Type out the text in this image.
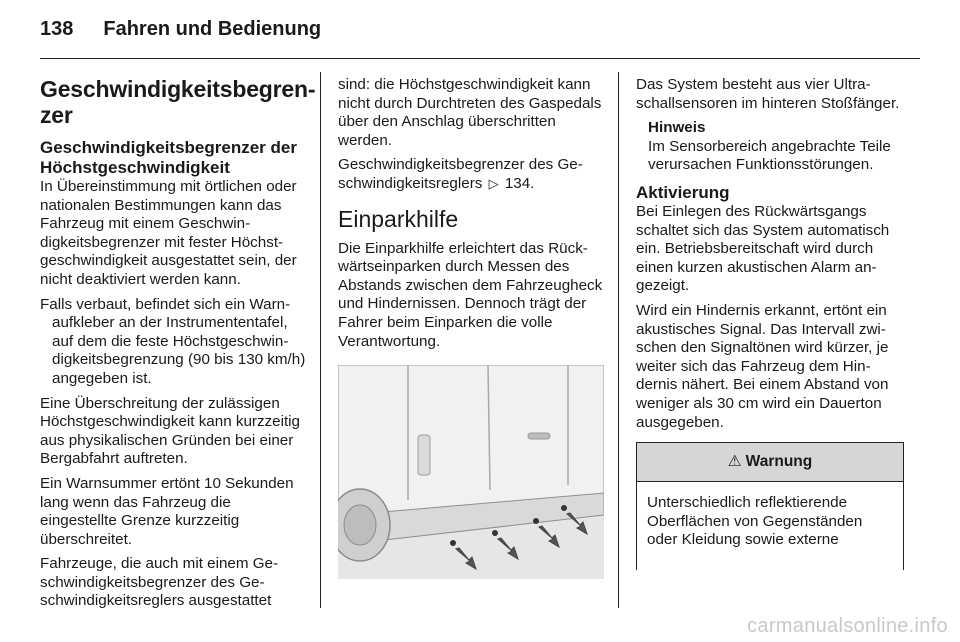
138 Fahren und Bedienung
Geschwindigkeitsbegren-
zer
Geschwindigkeitsbegrenzer der
Höchstgeschwindigkeit

In Übereinstimmung mit örtlichen oder nationalen Bestimmungen kann das Fahrzeug mit einem Geschwindigkeitsbegrenzer mit fester Höchstgeschwindigkeit ausgestattet sein, der nicht deaktiviert werden kann.

Falls verbaut, befindet sich ein Warnaufkleber an der Instrumententafel, auf dem die feste Höchstgeschwindigkeitsbegrenzung (90 bis 130 km/h) angegeben ist.

Eine Überschreitung der zulässigen Höchstgeschwindigkeit kann kurzzeitig aus physikalischen Gründen bei einer Bergabfahrt auftreten.

Ein Warnsummer ertönt 10 Sekunden lang wenn das Fahrzeug die eingestellte Grenze kurzzeitig überschreitet.

Fahrzeuge, die auch mit einem Geschwindigkeitsbegrenzer des Geschwindigkeitsreglers ausgestattet

sind: die Höchstgeschwindigkeit kann nicht durch Durchtreten des Gaspedals über den Anschlag überschritten werden.

Geschwindigkeitsbegrenzer des Geschwindigkeitsreglers ▷ 134.

Einparkhilfe

Die Einparkhilfe erleichtert das Rückwärtseinparken durch Messen des Abstands zwischen dem Fahrzeugheck und Hindernissen. Dennoch trägt der Fahrer beim Einparken die volle Verantwortung.

Das System besteht aus vier Ultraschallsensoren im hinteren Stoßfänger.

Hinweis
Im Sensorbereich angebrachte Teile verursachen Funktionsstörungen.
Aktivierung

Bei Einlegen des Rückwärtsgangs schaltet sich das System automatisch ein. Betriebsbereitschaft wird durch einen kurzen akustischen Alarm angezeigt.

Wird ein Hindernis erkannt, ertönt ein akustisches Signal. Das Intervall zwischen den Signaltönen wird kürzer, je weiter sich das Fahrzeug dem Hindernis nähert. Bei einem Abstand von weniger als 30 cm wird ein Dauerton ausgegeben.

⚠ Warnung
Unterschiedlich reflektierende Oberflächen von Gegenständen oder Kleidung sowie externe
carmanualsonline.info
